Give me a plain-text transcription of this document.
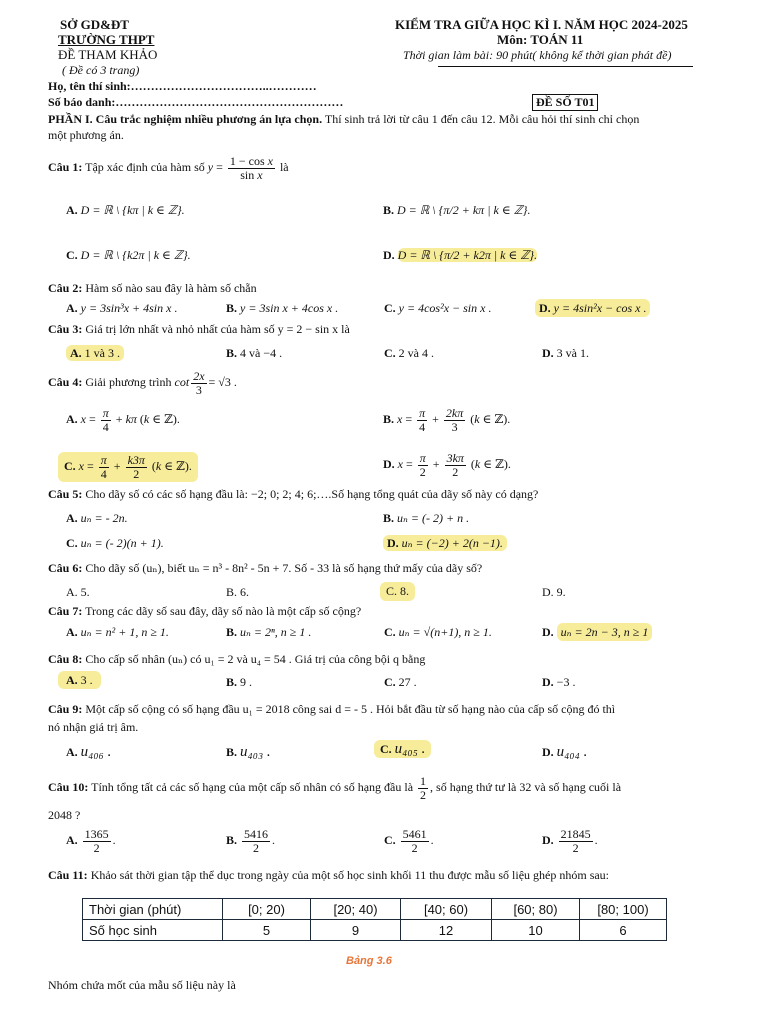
SỞ GD&ĐT
TRƯỜNG THPT
ĐỀ THAM KHẢO
( Đề có 3 trang)
KIỂM TRA GIỮA HỌC KÌ I. NĂM HỌC 2024-2025
Môn: TOÁN 11
Thời gian làm bài: 90 phút( không kể thời gian phát đề)
Họ, tên thí sinh:……………………………..…………
Số báo danh:…………………………………………………	ĐỀ SỐ T01
PHẦN I. Câu trắc nghiệm nhiều phương án lựa chọn. Thí sinh trả lời từ câu 1 đến câu 12. Mỗi câu hỏi thí sinh chỉ chọn
một phương án.
Câu 1: Tập xác định của hàm số $y = \frac{\text{1 − cos x}}{\text{sin x}}$ là
A. D = ℝ \ {kπ | k ∈ ℤ}.	B. D = ℝ \ {π/2 + kπ | k ∈ ℤ}.
C. D = ℝ \ {k2π | k ∈ ℤ}.	D. D = ℝ \ {π/2 + k2π | k ∈ ℤ}.
Câu 2: Hàm số nào sau đây là hàm số chẵn
A. y = 3sin³x + 4sin x .	B. y = 3sin x + 4cos x .	C. y = 4cos²x − sin x .	D. y = 4sin²x − cos x .
Câu 3: Giá trị lớn nhất và nhỏ nhất của hàm số y = 2 − sin x là
A. 1 và 3 .	B. 4 và −4 .	C. 2 và 4 .	D. 3 và 1.
Câu 4: Giải phương trình $\cot \frac{2x}{3} = √3$ .
A. $x = \frac{\pi}{4} + k\pi$ (k ∈ ℤ).	B. $x = \frac{\pi}{4} + \frac{2k\pi}{3} (k$ ∈ ℤ).
C. $x = \frac{\pi}{4} + \frac{k3\pi}{2} (k$ ∈ ℤ).	D. $x = \frac{\pi}{2} + \frac{3k\pi}{2} (k$ ∈ ℤ).
Câu 5: Cho dãy số có các số hạng đầu là: −2; 0; 2; 4; 6;….Số hạng tổng quát của dãy số này có dạng?
A. uₙ = - 2n.	B. uₙ = (- 2) + n .
C. uₙ = (- 2)(n + 1).	D. uₙ = (−2) + 2(n −1).
Câu 6: Cho dãy số (uₙ), biết uₙ = n³ - 8n² - 5n + 7. Số - 33 là số hạng thứ mấy của dãy số?
A. 5.	B. 6.	C. 8.	D. 9.
Câu 7: Trong các dãy số sau đây, dãy số nào là một cấp số cộng?
A. uₙ = n² + 1, n ≥ 1.	B. uₙ = 2ⁿ, n ≥ 1 .	C. uₙ = √(n+1), n ≥ 1.	D. uₙ = 2n − 3, n ≥ 1
Câu 8: Cho cấp số nhân (uₙ) có u₁ = 2 và u₄ = 54 . Giá trị của công bội q bằng
A. 3 .	B. 9 .	C. 27 .	D. −3 .
Câu 9: Một cấp số cộng có số hạng đầu u₁ = 2018 công sai d = - 5 . Hỏi bắt đầu từ số hạng nào của cấp số cộng đó thì
nó nhận giá trị âm.
A. u₄₀₆ .	B. u₄₀₃ .	C. u₄₀₅ .	D. u₄₀₄ .
Câu 10: Tính tổng tất cả các số hạng của một cấp số nhân có số hạng đầu là $\frac{1}{2}$ , số hạng thứ tư là 32 và số hạng cuối là
2048 ?
A. $\frac{1365}{2}$ .	B. $\frac{5416}{2}$ .	C. $\frac{5461}{2}$ .	D. $\frac{21845}{2}$ .
Câu 11: Khảo sát thời gian tập thể dục trong ngày của một số học sinh khối 11 thu được mẫu số liệu ghép nhóm sau:
Thời gian (phút)	[0; 20)	[20; 40)	[40; 60)	[60; 80)	[80; 100)
Số học sinh	5	9	12	10	6
Bảng 3.6
Nhóm chứa mốt của mẫu số liệu này là
